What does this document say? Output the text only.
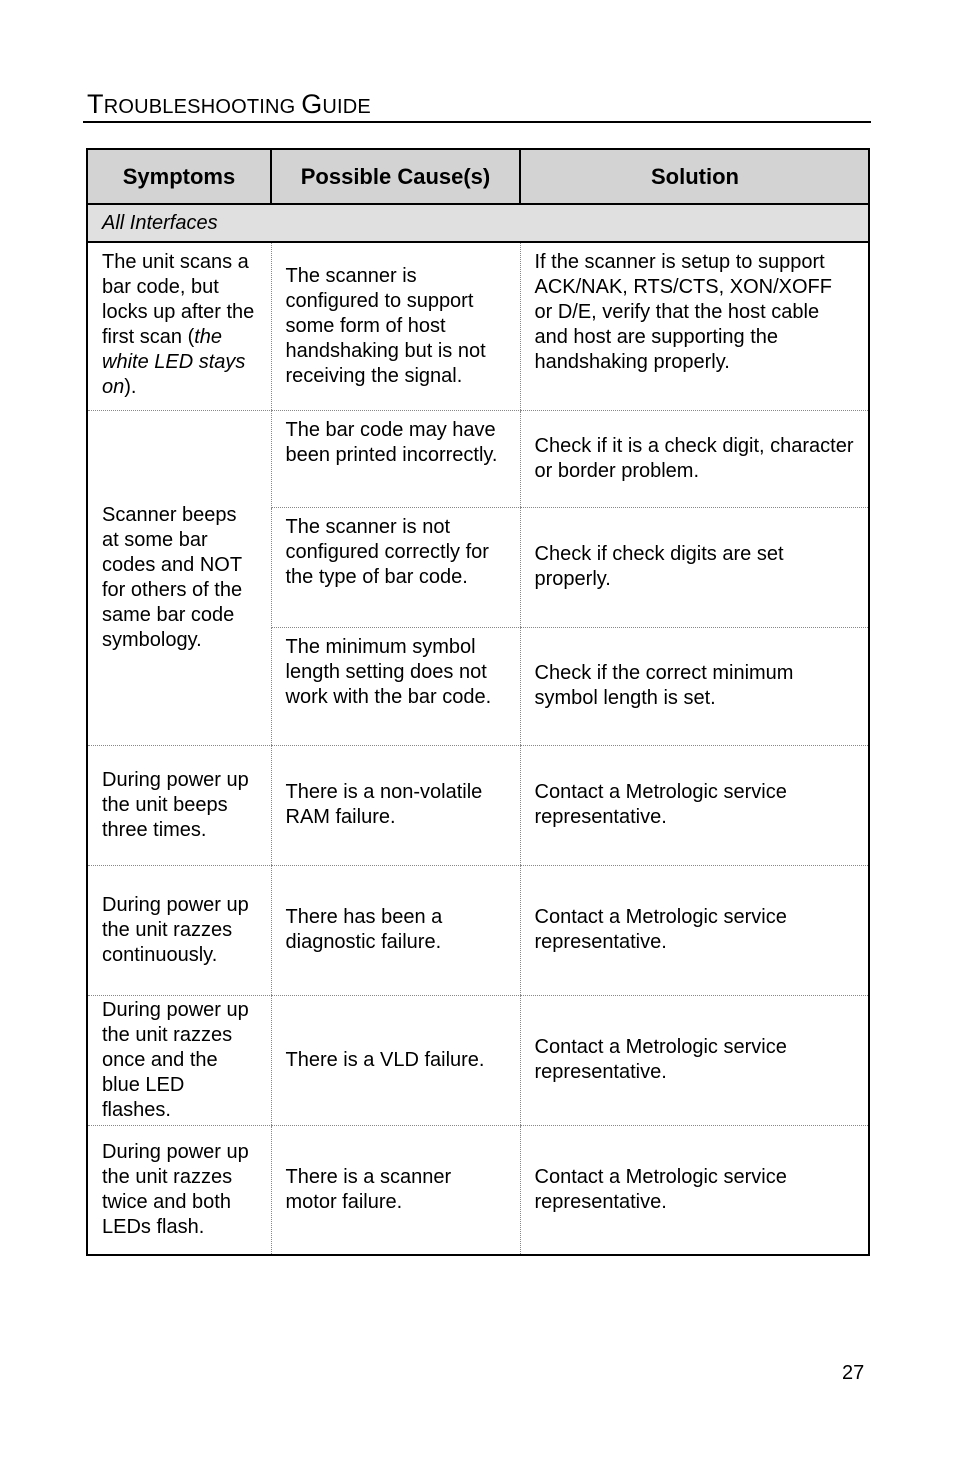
TROUBLESHOOTING GUIDE
Symptoms	Possible Cause(s)	Solution
All Interfaces		
The unit scans a bar code, but locks up after the first scan (the white LED stays on).	The scanner is configured to support some form of host handshaking but is not receiving the signal.	If the scanner is setup to support ACK/NAK, RTS/CTS, XON/XOFF or D/E, verify that the host cable and host are supporting the handshaking properly.
Scanner beeps at some bar codes and NOT for others of the same bar code symbology.	The bar code may have been printed incorrectly.	Check if it is a check digit, character or border problem.
	The scanner is not configured correctly for the type of bar code.	Check if check digits are set properly.
	The minimum symbol length setting does not work with the bar code.	Check if the correct minimum symbol length is set.
During power up the unit beeps three times.	There is a non-volatile RAM failure.	Contact a Metrologic service representative.
During power up the unit razzes continuously.	There has been a diagnostic failure.	Contact a Metrologic service representative.
During power up the unit razzes once and the blue LED flashes.	There is a VLD failure.	Contact a Metrologic service representative.
During power up the unit razzes twice and both LEDs flash.	There is a scanner motor failure.	Contact a Metrologic service representative.
27
